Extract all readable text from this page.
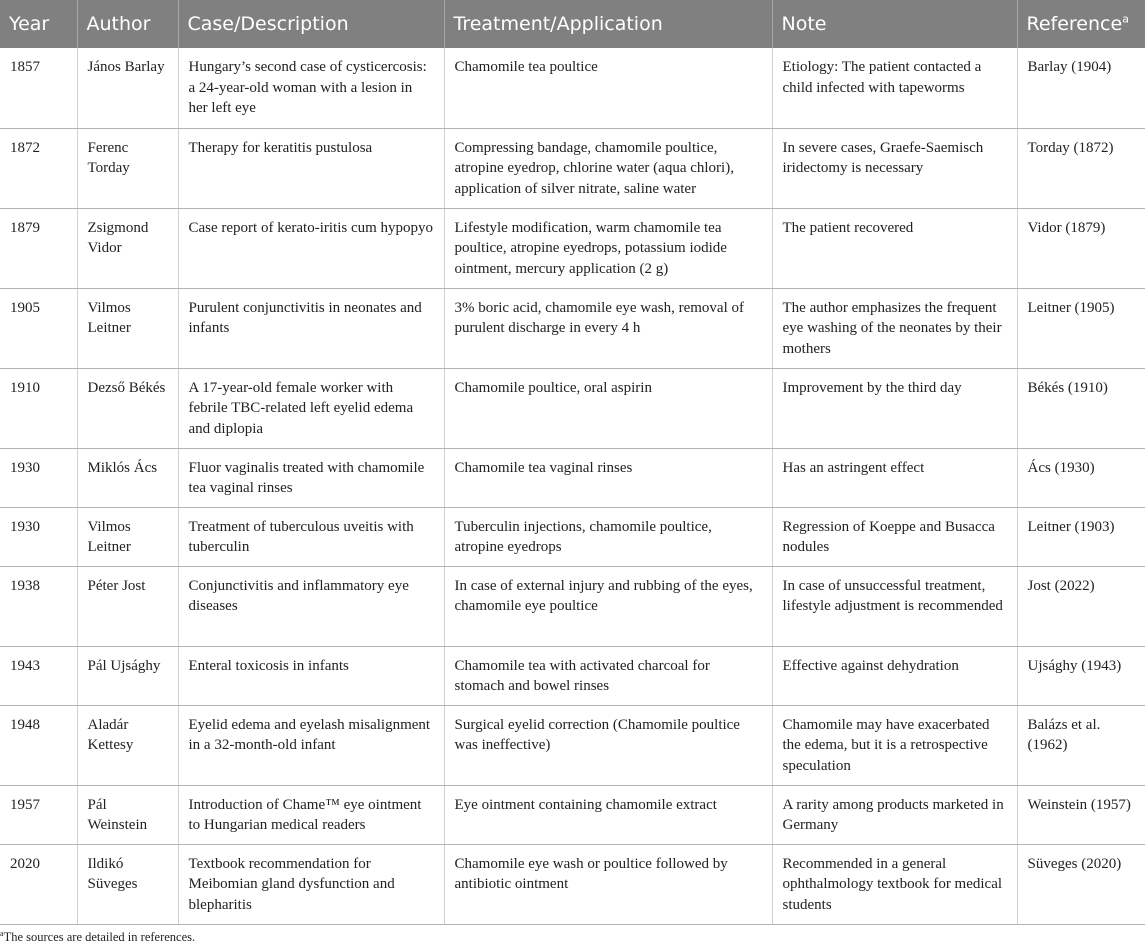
Year	Author	Case/Description	Treatment/Application	Note	Reference$^a$
1857	János Barlay	Hungary’s second case of cysticercosis: a 24-year-old woman with a lesion in her left eye	Chamomile tea poultice	Etiology: The patient contacted a child infected with tapeworms	Barlay (1904)
1872	Ferenc Torday	Therapy for keratitis pustulosa	Compressing bandage, chamomile poultice, atropine eyedrop, chlorine water (aqua chlori), application of silver nitrate, saline water	In severe cases, Graefe-Saemisch iridectomy is necessary	Torday (1872)
1879	Zsigmond Vidor	Case report of kerato-iritis cum hypopyo	Lifestyle modification, warm chamomile tea poultice, atropine eyedrops, potassium iodide ointment, mercury application (2 g)	The patient recovered	Vidor (1879)
1905	Vilmos Leitner	Purulent conjunctivitis in neonates and infants	3% boric acid, chamomile eye wash, removal of purulent discharge in every 4 h	The author emphasizes the frequent eye washing of the neonates by their mothers	Leitner (1905)
1910	Dezső Békés	A 17-year-old female worker with febrile TBC-related left eyelid edema and diplopia	Chamomile poultice, oral aspirin	Improvement by the third day	Békés (1910)
1930	Miklós Ács	Fluor vaginalis treated with chamomile tea vaginal rinses	Chamomile tea vaginal rinses	Has an astringent effect	Ács (1930)
1930	Vilmos Leitner	Treatment of tuberculous uveitis with tuberculin	Tuberculin injections, chamomile poultice, atropine eyedrops	Regression of Koeppe and Busacca nodules	Leitner (1903)
1938	Péter Jost	Conjunctivitis and inflammatory eye diseases	In case of external injury and rubbing of the eyes, chamomile eye poultice	In case of unsuccessful treatment, lifestyle adjustment is recommended	Jost (2022)
1943	Pál Ujsághy	Enteral toxicosis in infants	Chamomile tea with activated charcoal for stomach and bowel rinses	Effective against dehydration	Ujsághy (1943)
1948	Aladár Kettesy	Eyelid edema and eyelash misalignment in a 32-month-old infant	Surgical eyelid correction (Chamomile poultice was ineffective)	Chamomile may have exacerbated the edema, but it is a retrospective speculation	Balázs et al. (1962)
1957	Pál Weinstein	Introduction of Chame™ eye ointment to Hungarian medical readers	Eye ointment containing chamomile extract	A rarity among products marketed in Germany	Weinstein (1957)
2020	Ildikó Süveges	Textbook recommendation for Meibomian gland dysfunction and blepharitis	Chamomile eye wash or poultice followed by antibiotic ointment	Recommended in a general ophthalmology textbook for medical students	Süveges (2020)
$^a$The sources are detailed in references.
